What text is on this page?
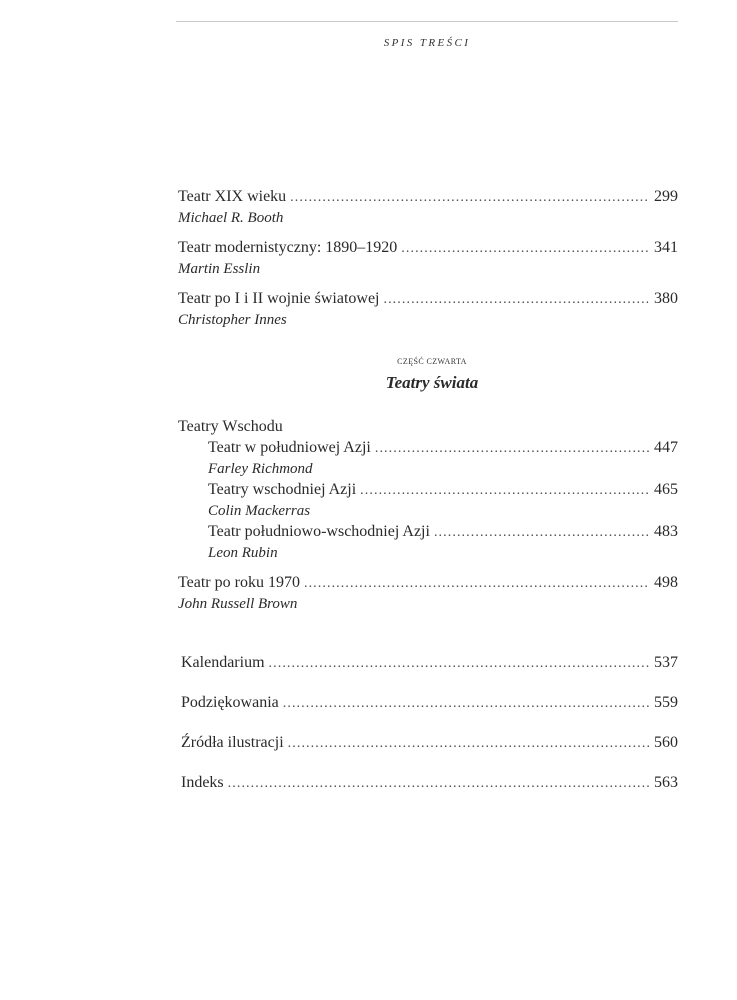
SPIS TREŚCI
Teatr XIX wieku .....	299
Michael R. Booth
Teatr modernistyczny: 1890–1920 .....	341
Martin Esslin
Teatr po I i II wojnie światowej .....	380
Christopher Innes
CZĘŚĆ CZWARTA
Teatry świata
Teatry Wschodu
Teatr w południowej Azji .....	447
Farley Richmond
Teatry wschodniej Azji .....	465
Colin Mackerras
Teatr południowo-wschodniej Azji .....	483
Leon Rubin
Teatr po roku 1970 .....	498
John Russell Brown
Kalendarium .....	537
Podziękowania .....	559
Źródła ilustracji .....	560
Indeks .....	563
